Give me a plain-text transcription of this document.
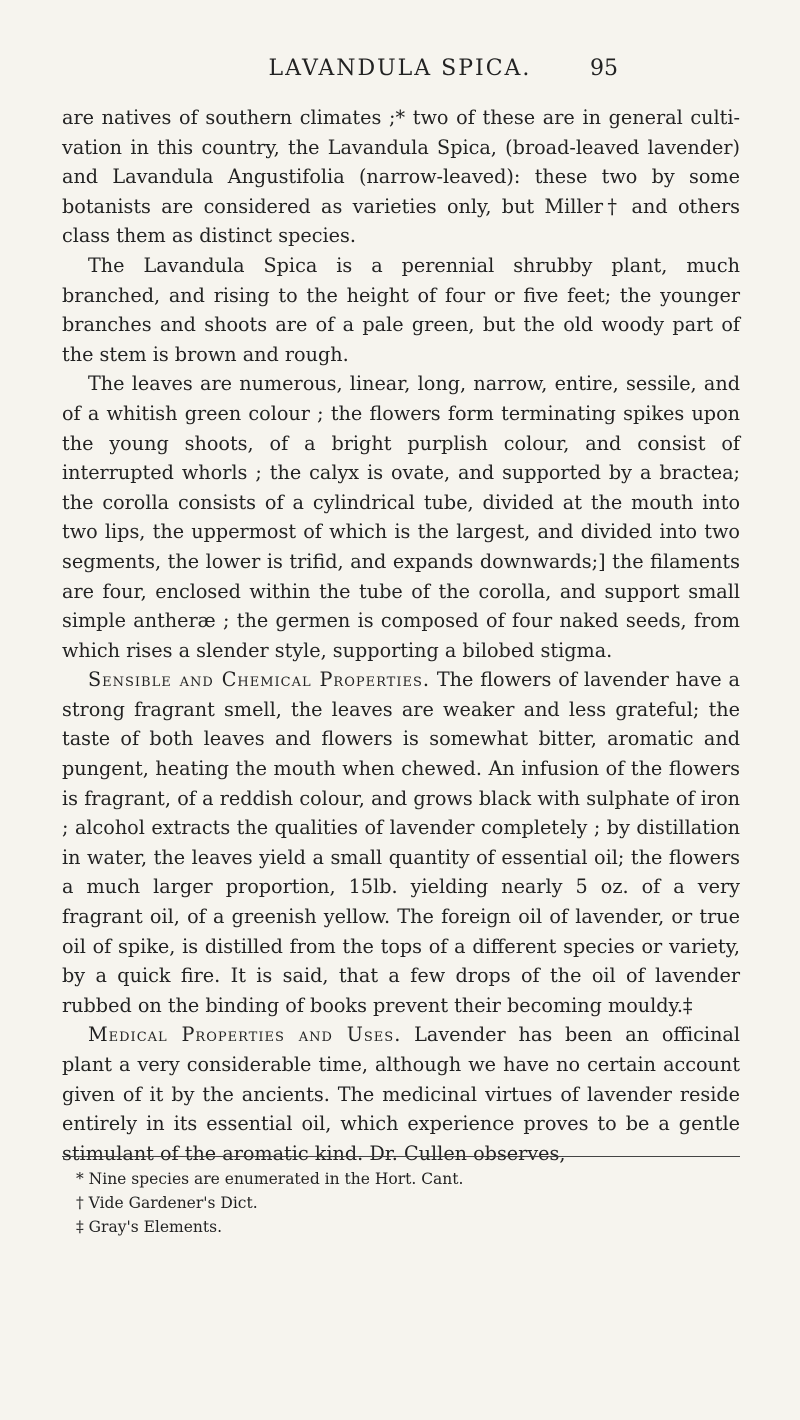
LAVANDULA SPICA.	95

are natives of southern climates ;* two of these are in general culti- vation in this country, the Lavandula Spica, (broad-leaved lavender) and Lavandula Angustifolia (narrow-leaved): these two by some botanists are considered as varieties only, but Miller† and others class them as distinct species.

The Lavandula Spica is a perennial shrubby plant, much branched, and rising to the height of four or five feet; the younger branches and shoots are of a pale green, but the old woody part of the stem is brown and rough.

The leaves are numerous, linear, long, narrow, entire, sessile, and of a whitish green colour ; the flowers form terminating spikes upon the young shoots, of a bright purplish colour, and consist of interrupted whorls ; the calyx is ovate, and supported by a bractea; the corolla consists of a cylindrical tube, divided at the mouth into two lips, the uppermost of which is the largest, and divided into two segments, the lower is trifid, and expands downwards;] the filaments are four, enclosed within the tube of the corolla, and support small simple antheræ ; the germen is composed of four naked seeds, from which rises a slender style, supporting a bilobed stigma.

Sensible and Chemical Properties. The flowers of lavender have a strong fragrant smell, the leaves are weaker and less grateful; the taste of both leaves and flowers is somewhat bitter, aromatic and pungent, heating the mouth when chewed. An infusion of the flowers is fragrant, of a reddish colour, and grows black with sulphate of iron ; alcohol extracts the qualities of lavender completely ; by distillation in water, the leaves yield a small quantity of essential oil; the flowers a much larger proportion, 15lb. yielding nearly 5 oz. of a very fragrant oil, of a greenish yellow. The foreign oil of lavender, or true oil of spike, is distilled from the tops of a different species or variety, by a quick fire. It is said, that a few drops of the oil of lavender rubbed on the binding of books prevent their becoming mouldy.‡

Medical Properties and Uses. Lavender has been an officinal plant a very considerable time, although we have no certain account given of it by the ancients. The medicinal virtues of lavender reside entirely in its essential oil, which experience proves to be a gentle stimulant of the aromatic kind. Dr. Cullen observes,

* Nine species are enumerated in the Hort. Cant.

† Vide Gardener's Dict.

‡ Gray's Elements.
